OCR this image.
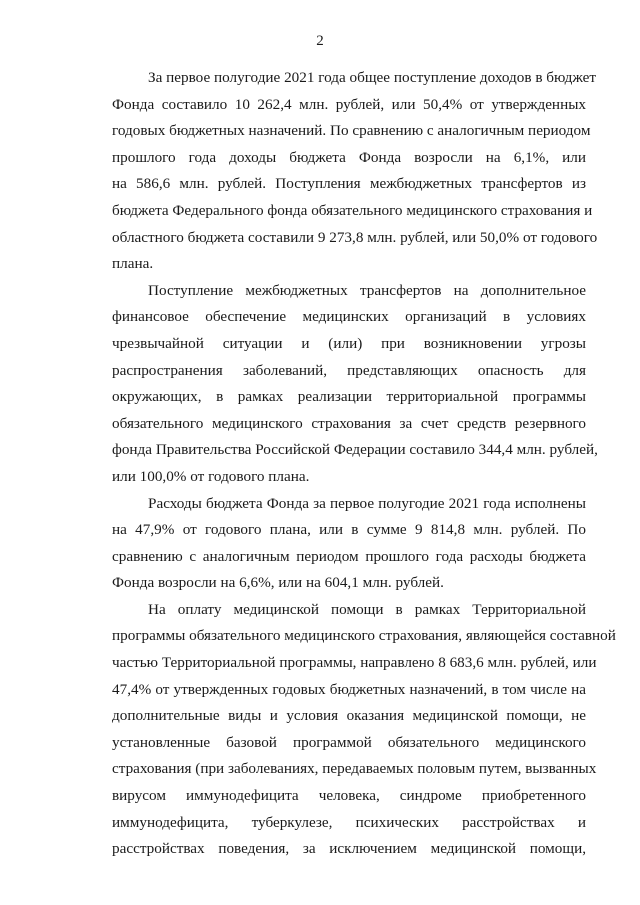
2
За первое полугодие 2021 года общее поступление доходов в бюджет
Фонда составило 10 262,4 млн. рублей, или 50,4% от утвержденных
годовых бюджетных назначений. По сравнению с аналогичным периодом
прошлого года доходы бюджета Фонда возросли на 6,1%, или
на 586,6 млн. рублей. Поступления межбюджетных трансфертов из
бюджета Федерального фонда обязательного медицинского страхования и
областного бюджета составили 9 273,8 млн. рублей, или 50,0% от годового
плана.
Поступление межбюджетных трансфертов на дополнительное
финансовое обеспечение медицинских организаций в условиях
чрезвычайной ситуации и (или) при возникновении угрозы
распространения заболеваний, представляющих опасность для
окружающих, в рамках реализации территориальной программы
обязательного медицинского страхования за счет средств резервного
фонда Правительства Российской Федерации составило 344,4 млн. рублей,
или 100,0% от годового плана.
Расходы бюджета Фонда за первое полугодие 2021 года исполнены
на 47,9% от годового плана, или в сумме 9 814,8 млн. рублей. По
сравнению с аналогичным периодом прошлого года расходы бюджета
Фонда возросли на 6,6%, или на 604,1 млн. рублей.
На оплату медицинской помощи в рамках Территориальной
программы обязательного медицинского страхования, являющейся составной
частью Территориальной программы, направлено 8 683,6 млн. рублей, или
47,4% от утвержденных годовых бюджетных назначений, в том числе на
дополнительные виды и условия оказания медицинской помощи, не
установленные базовой программой обязательного медицинского
страхования (при заболеваниях, передаваемых половым путем, вызванных
вирусом иммунодефицита человека, синдроме приобретенного
иммунодефицита, туберкулезе, психических расстройствах и
расстройствах поведения, за исключением медицинской помощи,
